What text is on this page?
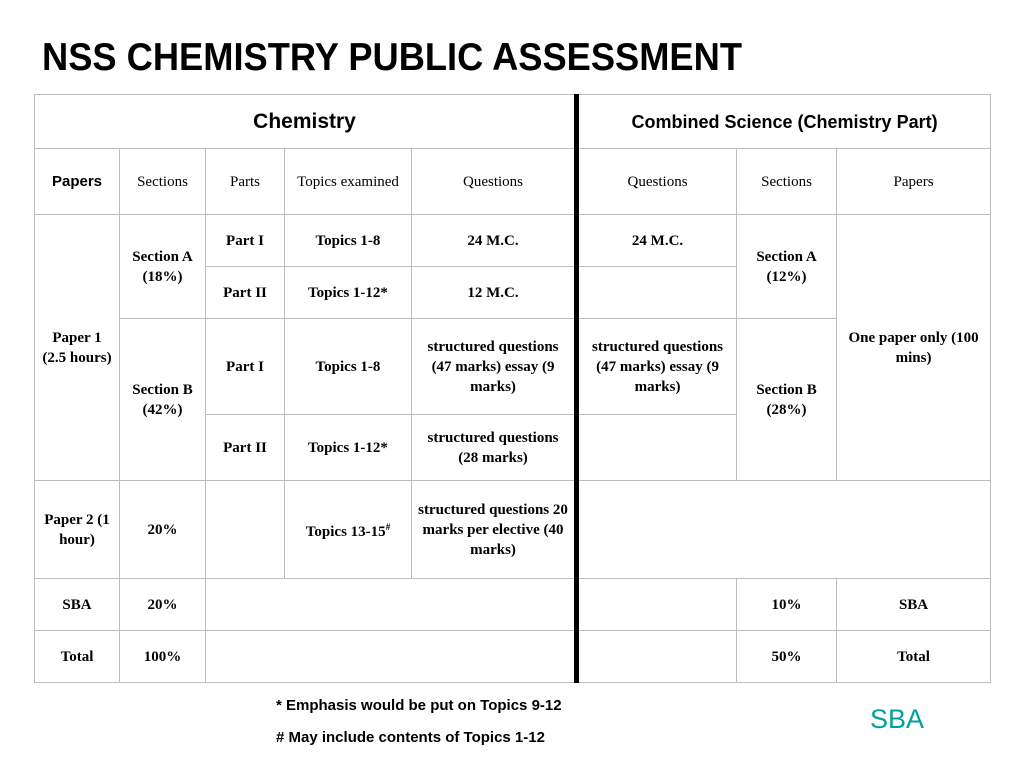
NSS CHEMISTRY PUBLIC ASSESSMENT
Chemistry					Combined Science (Chemistry Part)		
Papers	Sections	Parts	Topics examined	Questions	Questions	Sections	Papers
Paper 1 (2.5 hours)	Section A (18%)	Part I	Topics 1-8	24 M.C.	24 M.C.	Section A (12%)	One paper only (100 mins)
		Part II	Topics 1-12*	12 M.C.			
	Section B (42%)	Part I	Topics 1-8	structured questions (47 marks) essay (9 marks)	structured questions (47 marks) essay (9 marks)	Section B (28%)	
		Part II	Topics 1-12*	structured questions (28 marks)			
Paper 2 (1 hour)	20%		Topics 13-15#	structured questions 20 marks per elective (40 marks)			
SBA	20%					10%	SBA
Total	100%					50%	Total
* Emphasis would be put on Topics 9-12
# May include contents of Topics 1-12
SBA
